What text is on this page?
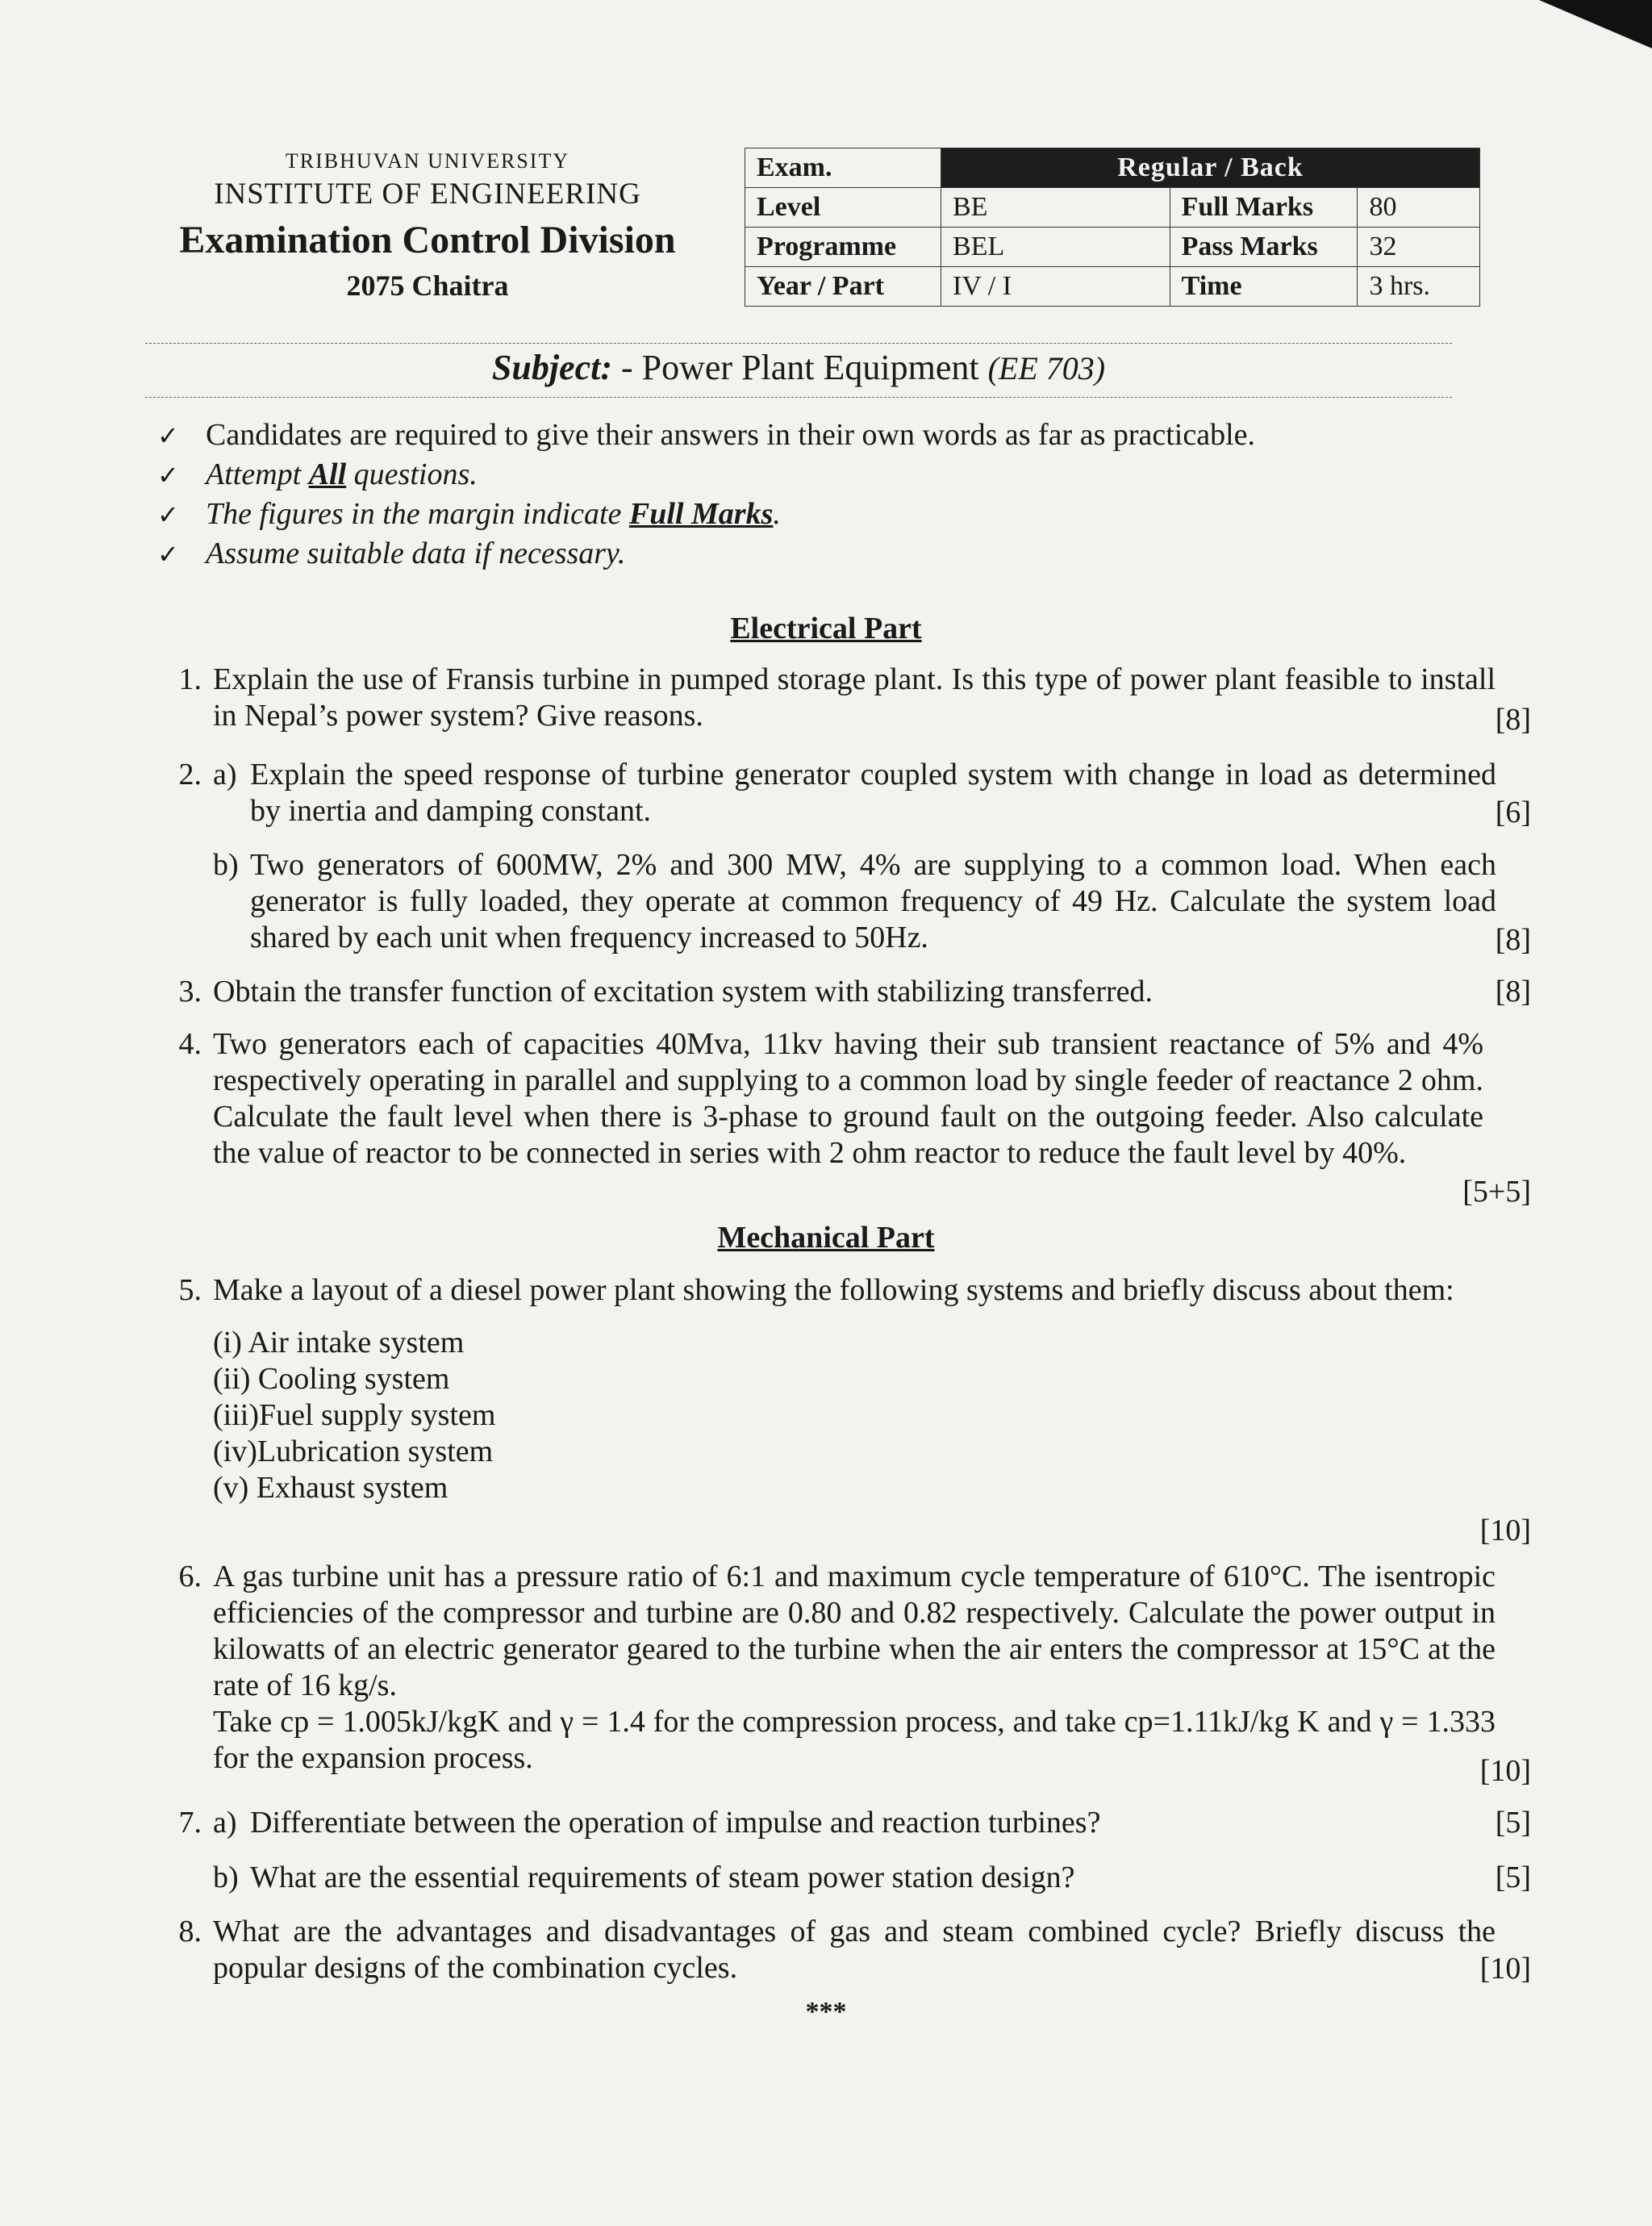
TRIBHUVAN UNIVERSITY
INSTITUTE OF ENGINEERING
Examination Control Division
2075 Chaitra
Exam.	Regular / Back		
Level	BE	Full Marks	80
Programme	BEL	Pass Marks	32
Year / Part	IV / I	Time	3 hrs.
Subject: - Power Plant Equipment (EE 703)
✓ Candidates are required to give their answers in their own words as far as practicable.
✓ Attempt All questions.
✓ The figures in the margin indicate Full Marks.
✓ Assume suitable data if necessary.
Electrical Part
1. Explain the use of Fransis turbine in pumped storage plant. Is this type of power plant feasible to install in Nepal’s power system? Give reasons.	[8]
2. a) Explain the speed response of turbine generator coupled system with change in load as determined by inertia and damping constant.	[6]
b) Two generators of 600MW, 2% and 300 MW, 4% are supplying to a common load. When each generator is fully loaded, they operate at common frequency of 49 Hz. Calculate the system load shared by each unit when frequency increased to 50Hz.	[8]
3. Obtain the transfer function of excitation system with stabilizing transferred.	[8]
4. Two generators each of capacities 40Mva, 11kv having their sub transient reactance of 5% and 4% respectively operating in parallel and supplying to a common load by single feeder of reactance 2 ohm. Calculate the fault level when there is 3-phase to ground fault on the outgoing feeder. Also calculate the value of reactor to be connected in series with 2 ohm reactor to reduce the fault level by 40%.
[5+5]
Mechanical Part
5. Make a layout of a diesel power plant showing the following systems and briefly discuss about them:
(i) Air intake system
(ii) Cooling system
(iii)Fuel supply system
(iv)Lubrication system
(v) Exhaust system
[10]
6. A gas turbine unit has a pressure ratio of 6:1 and maximum cycle temperature of 610°C. The isentropic efficiencies of the compressor and turbine are 0.80 and 0.82 respectively. Calculate the power output in kilowatts of an electric generator geared to the turbine when the air enters the compressor at 15°C at the rate of 16 kg/s.
Take cp = 1.005kJ/kgK and γ = 1.4 for the compression process, and take cp=1.11kJ/kg K and γ = 1.333 for the expansion process.	[10]
7. a) Differentiate between the operation of impulse and reaction turbines?	[5]
b) What are the essential requirements of steam power station design?	[5]
8. What are the advantages and disadvantages of gas and steam combined cycle? Briefly discuss the popular designs of the combination cycles.	[10]
***
